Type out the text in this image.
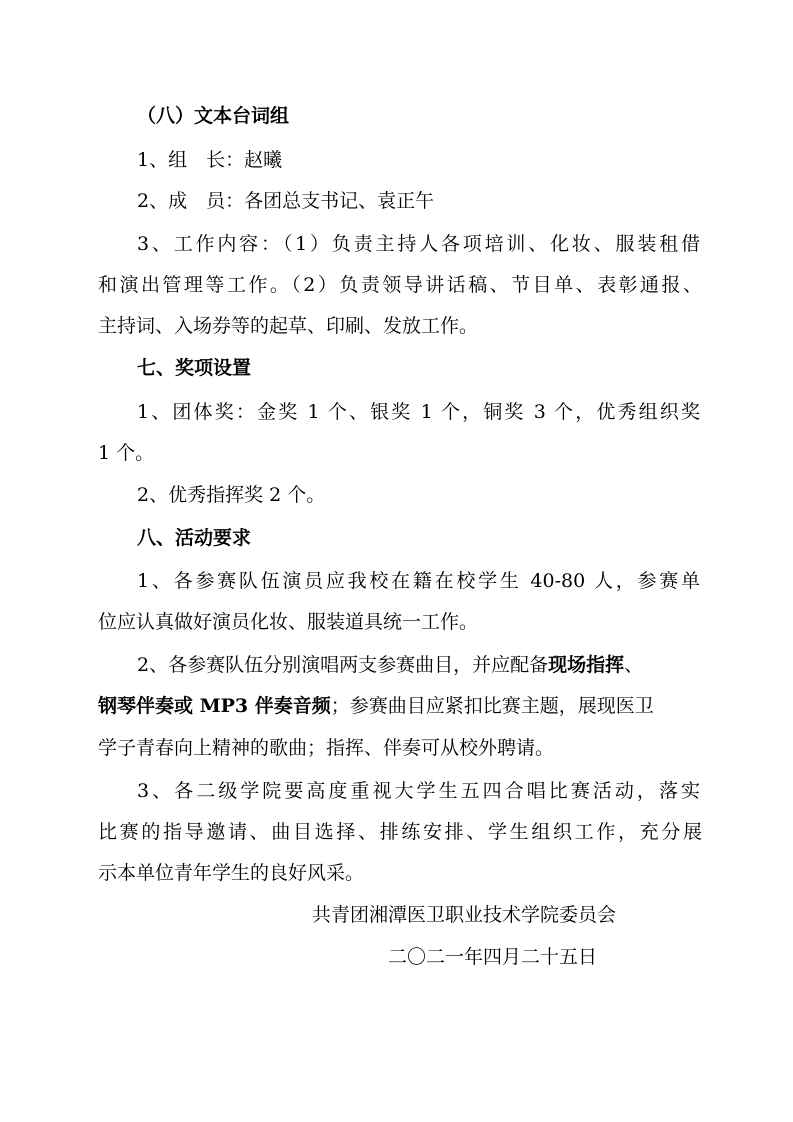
（八）文本台词组
1、组　长：赵曦
2、成　员：各团总支书记、袁正午
3、工作内容：（1）负责主持人各项培训、化妆、服装租借
和演出管理等工作。（2）负责领导讲话稿、节目单、表彰通报、
主持词、入场券等的起草、印刷、发放工作。
七、奖项设置
1、团体奖：金奖 1 个、银奖 1 个，铜奖 3 个，优秀组织奖
1 个。
2、优秀指挥奖 2 个。
八、活动要求
1、各参赛队伍演员应我校在籍在校学生 40-80 人，参赛单
位应认真做好演员化妆、服装道具统一工作。
2、各参赛队伍分别演唱两支参赛曲目，并应配备现场指挥、
钢琴伴奏或 MP3 伴奏音频；参赛曲目应紧扣比赛主题，展现医卫
学子青春向上精神的歌曲；指挥、伴奏可从校外聘请。
3、各二级学院要高度重视大学生五四合唱比赛活动，落实
比赛的指导邀请、曲目选择、排练安排、学生组织工作，充分展
示本单位青年学生的良好风采。
共青团湘潭医卫职业技术学院委员会
二〇二一年四月二十五日
